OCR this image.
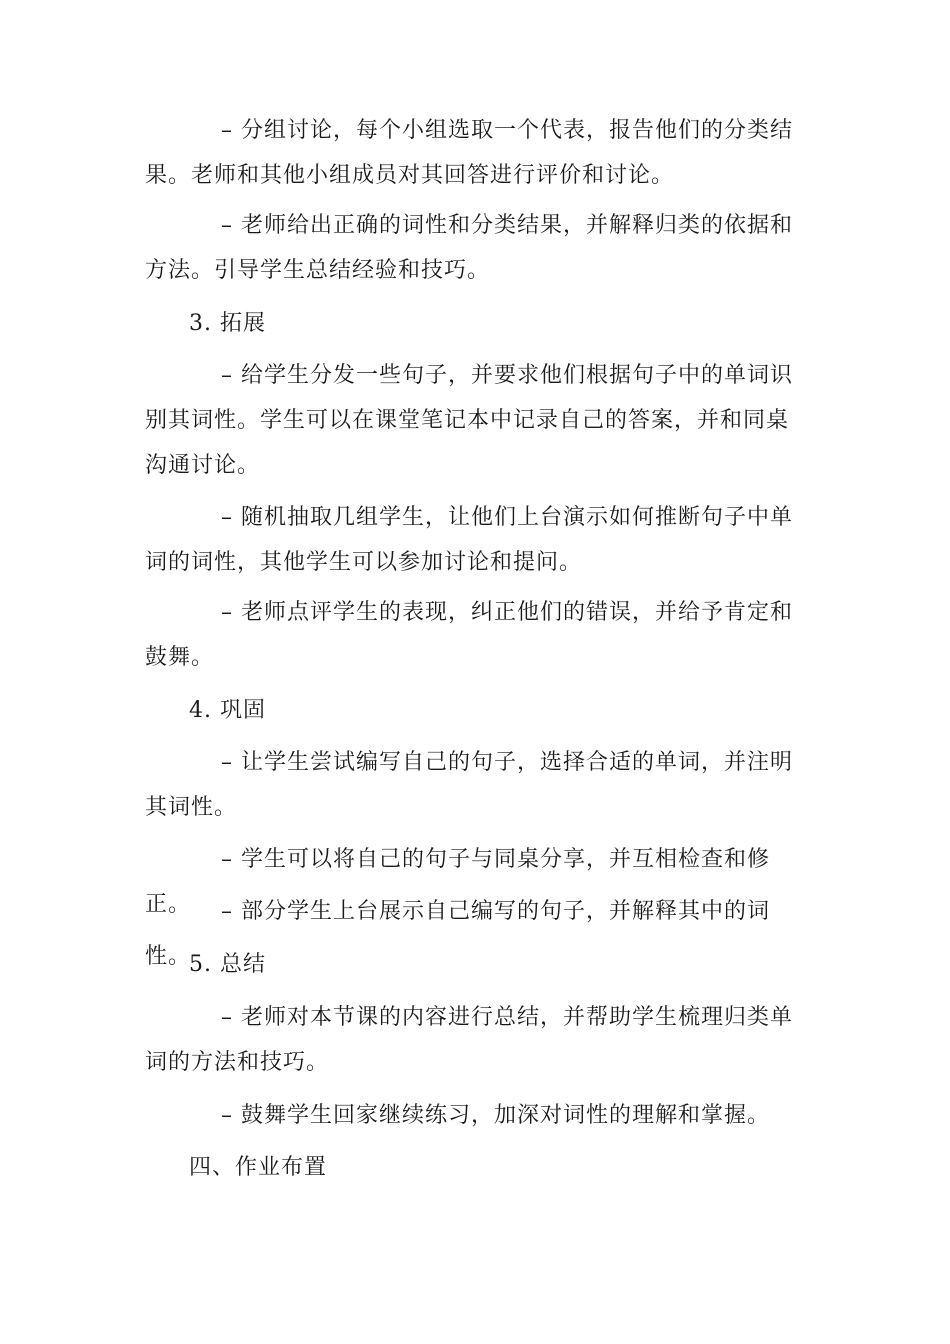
– 分组讨论，每个小组选取一个代表，报告他们的分类结果。老师和其他小组成员对其回答进行评价和讨论。

– 老师给出正确的词性和分类结果，并解释归类的依据和方法。引导学生总结经验和技巧。

3. 拓展

– 给学生分发一些句子，并要求他们根据句子中的单词识别其词性。学生可以在课堂笔记本中记录自己的答案，并和同桌沟通讨论。

– 随机抽取几组学生，让他们上台演示如何推断句子中单词的词性，其他学生可以参加讨论和提问。

– 老师点评学生的表现，纠正他们的错误，并给予肯定和鼓舞。

4. 巩固

– 让学生尝试编写自己的句子，选择合适的单词，并注明其词性。

– 学生可以将自己的句子与同桌分享，并互相检查和修正。	– 部分学生上台展示自己编写的句子，并解释其中的词性。

5. 总结

– 老师对本节课的内容进行总结，并帮助学生梳理归类单词的方法和技巧。

– 鼓舞学生回家继续练习，加深对词性的理解和掌握。

四、作业布置
